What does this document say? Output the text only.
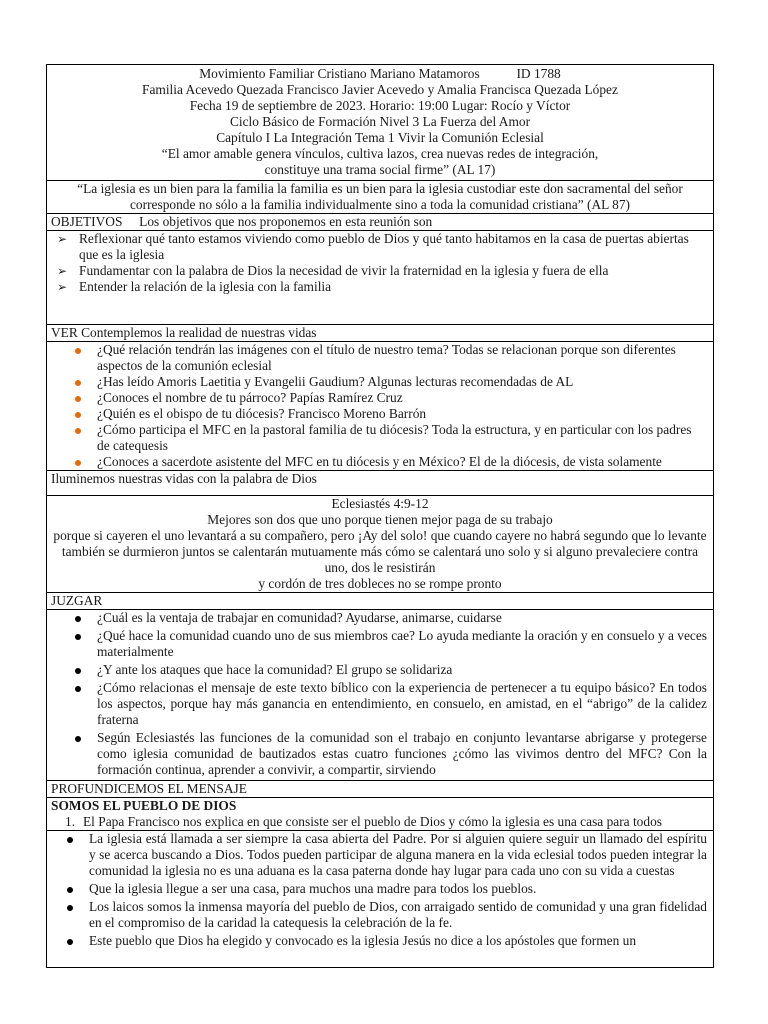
Movimiento Familiar Cristiano Mariano Matamoros           ID 1788
Familia Acevedo Quezada Francisco Javier Acevedo y Amalia Francisca Quezada López
Fecha 19 de septiembre de 2023. Horario: 19:00 Lugar: Rocío y Víctor
Ciclo Básico de Formación Nivel 3 La Fuerza del Amor
Capítulo I La Integración Tema 1 Vivir la Comunión Eclesial
“El amor amable genera vínculos, cultiva lazos, crea nuevas redes de integración,
constituye una trama social firme” (AL 17)
“La iglesia es un bien para la familia la familia es un bien para la iglesia custodiar este don sacramental del señor corresponde no sólo a la familia individualmente sino a toda la comunidad cristiana” (AL 87)
OBJETIVOS     Los objetivos que nos proponemos en esta reunión son
➢ Reflexionar qué tanto estamos viviendo como pueblo de Dios y qué tanto habitamos en la casa de puertas abiertas que es la iglesia
➢ Fundamentar con la palabra de Dios la necesidad de vivir la fraternidad en la iglesia y fuera de ella
➢ Entender la relación de la iglesia con la familia
VER Contemplemos la realidad de nuestras vidas
¿Qué relación tendrán las imágenes con el título de nuestro tema? Todas se relacionan porque son diferentes aspectos de la comunión eclesial
¿Has leído Amoris Laetitia y Evangelii Gaudium? Algunas lecturas recomendadas de AL
¿Conoces el nombre de tu párroco? Papías Ramírez Cruz
¿Quién es el obispo de tu diócesis? Francisco Moreno Barrón
¿Cómo participa el MFC en la pastoral familia de tu diócesis? Toda la estructura, y en particular con los padres de catequesis
¿Conoces a sacerdote asistente del MFC en tu diócesis y en México? El de la diócesis, de vista solamente
Iluminemos nuestras vidas con la palabra de Dios
Eclesiastés 4:9-12
Mejores son dos que uno porque tienen mejor paga de su trabajo
porque si cayeren el uno levantará a su compañero, pero ¡Ay del solo! que cuando cayere no habrá segundo que lo levante también se durmieron juntos se calentarán mutuamente más cómo se calentará uno solo y si alguno prevaleciere contra uno, dos le resistirán
y cordón de tres dobleces no se rompe pronto
JUZGAR
¿Cuál es la ventaja de trabajar en comunidad? Ayudarse, animarse, cuidarse
¿Qué hace la comunidad cuando uno de sus miembros cae? Lo ayuda mediante la oración y en consuelo y a veces materialmente
¿Y ante los ataques que hace la comunidad? El grupo se solidariza
¿Cómo relacionas el mensaje de este texto bíblico con la experiencia de pertenecer a tu equipo básico? En todos los aspectos, porque hay más ganancia en entendimiento, en consuelo, en amistad, en el “abrigo” de la calidez fraterna
Según Eclesiastés las funciones de la comunidad son el trabajo en conjunto levantarse abrigarse y protegerse como iglesia comunidad de bautizados estas cuatro funciones ¿cómo las vivimos dentro del MFC? Con la formación continua, aprender a convivir, a compartir, sirviendo
PROFUNDICEMOS EL MENSAJE
SOMOS EL PUEBLO DE DIOS
1. El Papa Francisco nos explica en que consiste ser el pueblo de Dios y cómo la iglesia es una casa para todos
La iglesia está llamada a ser siempre la casa abierta del Padre. Por si alguien quiere seguir un llamado del espíritu y se acerca buscando a Dios. Todos pueden participar de alguna manera en la vida eclesial todos pueden integrar la comunidad la iglesia no es una aduana es la casa paterna donde hay lugar para cada uno con su vida a cuestas
Que la iglesia llegue a ser una casa, para muchos una madre para todos los pueblos.
Los laicos somos la inmensa mayoría del pueblo de Dios, con arraigado sentido de comunidad y una gran fidelidad en el compromiso de la caridad la catequesis la celebración de la fe.
Este pueblo que Dios ha elegido y convocado es la iglesia Jesús no dice a los apóstoles que formen un
